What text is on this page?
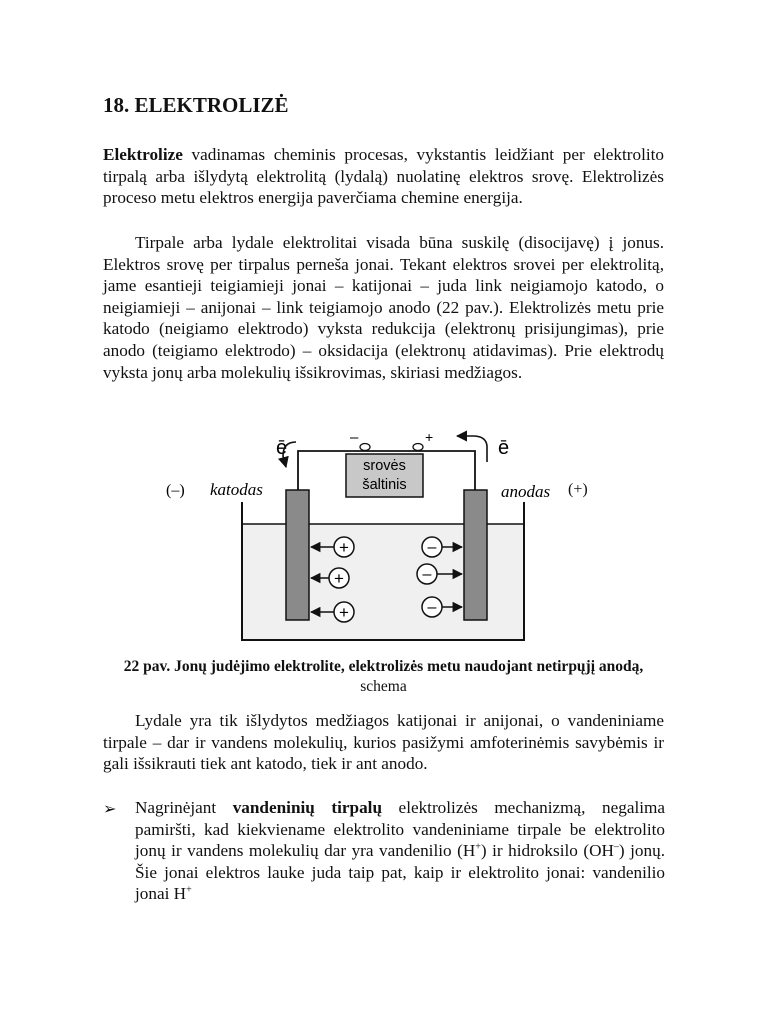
18. ELEKTROLIZĖ

Elektrolize vadinamas cheminis procesas, vykstantis leidžiant per elektrolito tirpalą arba išlydytą elektrolitą (lydalą) nuolatinę elektros srovę. Elektrolizės proceso metu elektros energija paverčiama chemine energija.

Tirpale arba lydale elektrolitai visada būna suskilę (disocijavę) į jonus. Elektros srovę per tirpalus perneša jonai. Tekant elektros srovei per elektrolitą, jame esantieji teigiamieji jonai – katijonai – juda link neigiamojo katodo, o neigiamieji – anijonai – link teigiamojo anodo (22 pav.). Elektrolizės metu prie katodo (neigiamo elektrodo) vyksta redukcija (elektronų prisijungimas), prie anodo (teigiamo elektrodo) – oksidacija (elektronų atidavimas). Prie elektrodų vyksta jonų arba molekulių išsikrovimas, skiriasi medžiagos.

srovės
šaltinis
–	+
ē	ē
(–) katodas	anodas
+
+
+
–
–
–
(+)

22 pav. Jonų judėjimo elektrolite, elektrolizės metu naudojant netirpųjį anodą, schema

Lydale yra tik išlydytos medžiagos katijonai ir anijonai, o vandeniniame tirpale – dar ir vandens molekulių, kurios pasižymi amfoterinėmis savybėmis ir gali išsikrauti tiek ant katodo, tiek ir ant anodo.

➢ Nagrinėjant vandeninių tirpalų elektrolizės mechanizmą, negalima pamiršti, kad kiekviename elektrolito vandeniniame tirpale be elektrolito jonų ir vandens molekulių dar yra vandenilio (H+) ir hidroksilo (OH–) jonų. Šie jonai elektros lauke juda taip pat, kaip ir elektrolito jonai: vandenilio jonai H+
